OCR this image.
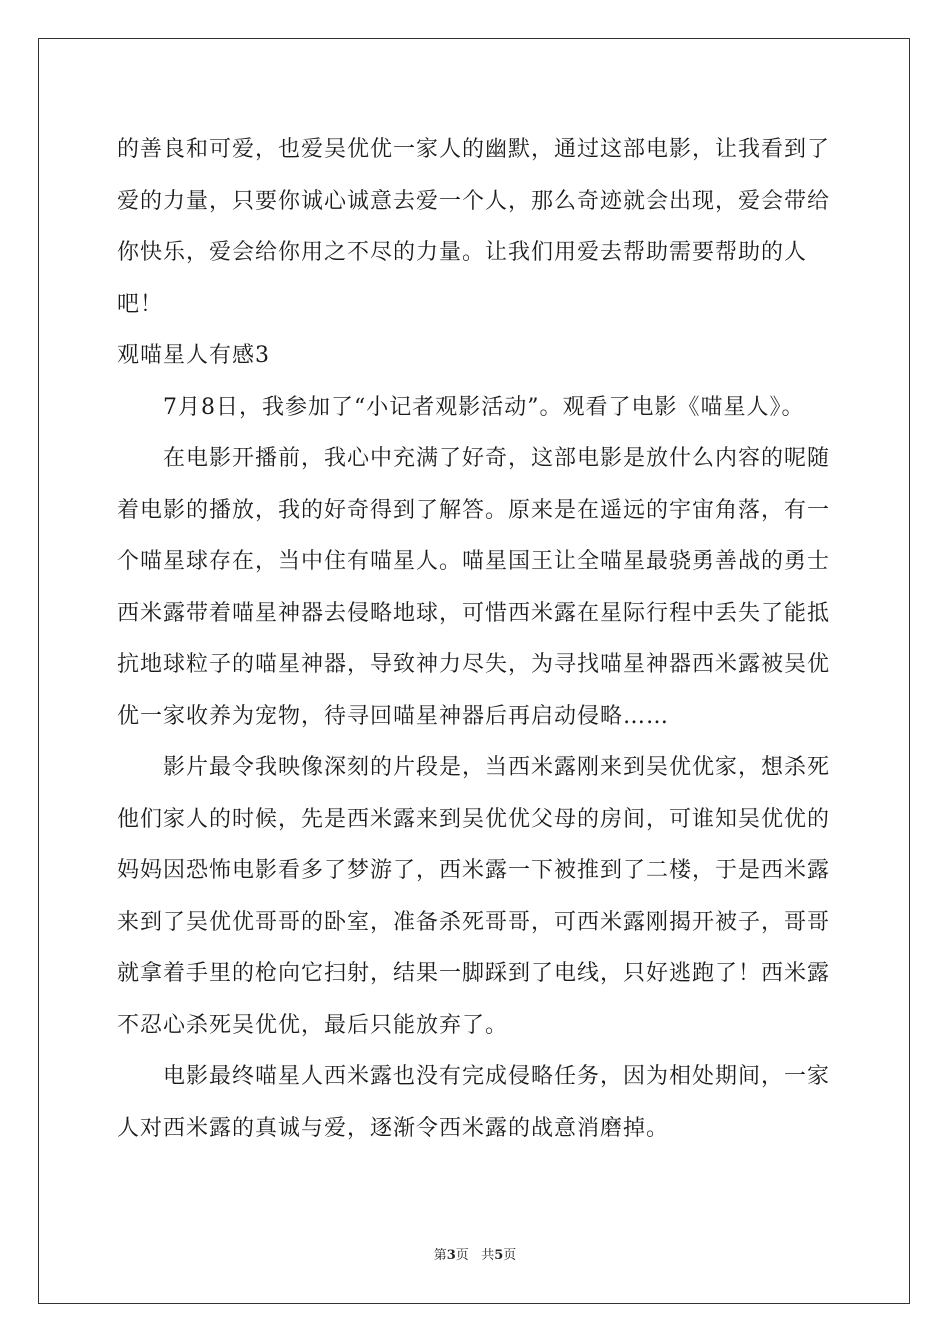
的善良和可爱，也爱吴优优一家人的幽默，通过这部电影，让我看到了爱的力量，只要你诚心诚意去爱一个人，那么奇迹就会出现，爱会带给你快乐，爱会给你用之不尽的力量。让我们用爱去帮助需要帮助的人吧！

观喵星人有感3

7月8日，我参加了“小记者观影活动”。观看了电影《喵星人》。

在电影开播前，我心中充满了好奇，这部电影是放什么内容的呢随着电影的播放，我的好奇得到了解答。原来是在遥远的宇宙角落，有一个喵星球存在，当中住有喵星人。喵星国王让全喵星最骁勇善战的勇士西米露带着喵星神器去侵略地球，可惜西米露在星际行程中丢失了能抵抗地球粒子的喵星神器，导致神力尽失，为寻找喵星神器西米露被吴优优一家收养为宠物，待寻回喵星神器后再启动侵略……

影片最令我映像深刻的片段是，当西米露刚来到吴优优家，想杀死他们家人的时候，先是西米露来到吴优优父母的房间，可谁知吴优优的妈妈因恐怖电影看多了梦游了，西米露一下被推到了二楼，于是西米露来到了吴优优哥哥的卧室，准备杀死哥哥，可西米露刚揭开被子，哥哥就拿着手里的枪向它扫射，结果一脚踩到了电线，只好逃跑了！西米露不忍心杀死吴优优，最后只能放弃了。

电影最终喵星人西米露也没有完成侵略任务，因为相处期间，一家人对西米露的真诚与爱，逐渐令西米露的战意消磨掉。

第3页 共5页
